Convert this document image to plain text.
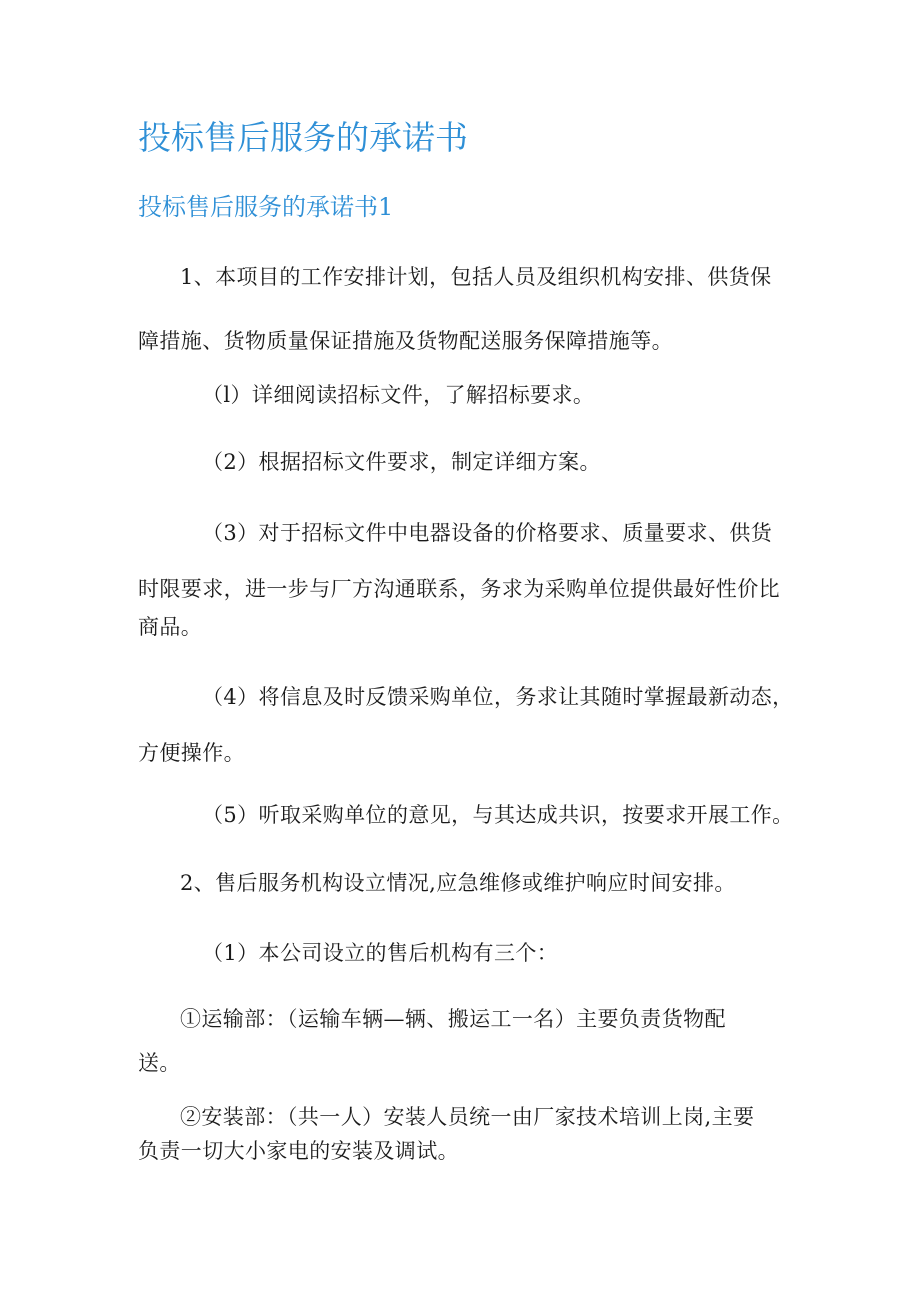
投标售后服务的承诺书
投标售后服务的承诺书1

1、本项目的工作安排计划，包括人员及组织机构安排、供货保
障措施、货物质量保证措施及货物配送服务保障措施等。

（l）详细阅读招标文件，了解招标要求。

（2）根据招标文件要求，制定详细方案。

（3）对于招标文件中电器设备的价格要求、质量要求、供货
时限要求，进一步与厂方沟通联系，务求为采购单位提供最好性价比商品。

（4）将信息及时反馈采购单位，务求让其随时掌握最新动态，
方便操作。

（5）听取采购单位的意见，与其达成共识，按要求开展工作。

2、售后服务机构设立情况,应急维修或维护响应时间安排。

（1）本公司设立的售后机构有三个：

①运输部：（运输车辆—辆、搬运工一名）主要负责货物配
送。

②安装部：（共一人）安装人员统一由厂家技术培训上岗,主要
负责一切大小家电的安装及调试。
